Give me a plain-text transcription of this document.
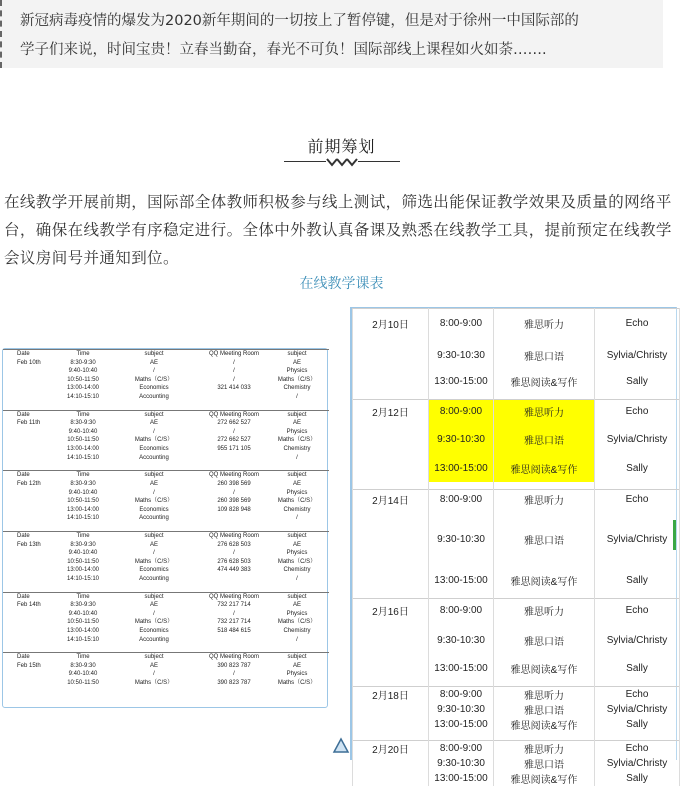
新冠病毒疫情的爆发为2020新年期间的一切按上了暂停键，但是对于徐州一中国际部的

学子们来说，时间宝贵！立春当勤奋，春光不可负！国际部线上课程如火如荼…….

前期筹划
在线教学开展前期，国际部全体教师积极参与线上测试，筛选出能保证教学效果及质量的网络平台，确保在线教学有序稳定进行。全体中外教认真备课及熟悉在线教学工具，提前预定在线教学会议房间号并通知到位。
在线教学课表
Date	Time	subject	QQ Meeting Room	subject
Feb 10th	8:30-9:30	AE	/	AE
	9:40-10:40	/	/	Physics
	10:50-11:50	Maths（C/S）	/	Maths（C/S）
	13:00-14:00	Economics	321 414 033	Chemistry
	14:10-15:10	Accounting		/

Date	Time	subject	QQ Meeting Room	subject
Feb 11th	8:30-9:30	AE	272 662 527	AE
	9:40-10:40	/	/	Physics
	10:50-11:50	Maths（C/S）	272 662 527	Maths（C/S）
	13:00-14:00	Economics	955 171 105	Chemistry
	14:10-15:10	Accounting		/

Date	Time	subject	QQ Meeting Room	subject
Feb 12th	8:30-9:30	AE	260 398 569	AE
	9:40-10:40	/	/	Physics
	10:50-11:50	Maths（C/S）	260 398 569	Maths（C/S）
	13:00-14:00	Economics	109 828 948	Chemistry
	14:10-15:10	Accounting		/

Date	Time	subject	QQ Meeting Room	subject
Feb 13th	8:30-9:30	AE	276 628 503	AE
	9:40-10:40	/	/	Physics
	10:50-11:50	Maths（C/S）	276 628 503	Maths（C/S）
	13:00-14:00	Economics	474 449 383	Chemistry
	14:10-15:10	Accounting		/

Date	Time	subject	QQ Meeting Room	subject
Feb 14th	8:30-9:30	AE	732 217 714	AE
	9:40-10:40	/	/	Physics
	10:50-11:50	Maths（C/S）	732 217 714	Maths（C/S）
	13:00-14:00	Economics	518 484 615	Chemistry
	14:10-15:10	Accounting		/

Date	Time	subject	QQ Meeting Room	subject
Feb 15th	8:30-9:30	AE	390 823 787	AE
	9:40-10:40	/	/	Physics
	10:50-11:50	Maths（C/S）	390 823 787	Maths（C/S）
2月10日	8:00-9:00	雅思听力	Echo
	9:30-10:30	雅思口语	Sylvia/Christy
	13:00-15:00	雅思阅读&写作	Sally

2月12日	8:00-9:00	雅思听力	Echo
	9:30-10:30	雅思口语	Sylvia/Christy
	13:00-15:00	雅思阅读&写作	Sally

2月14日	8:00-9:00	雅思听力	Echo
	9:30-10:30	雅思口语	Sylvia/Christy
	13:00-15:00	雅思阅读&写作	Sally

2月16日	8:00-9:00	雅思听力	Echo
	9:30-10:30	雅思口语	Sylvia/Christy
	13:00-15:00	雅思阅读&写作	Sally

2月18日	8:00-9:00	雅思听力	Echo
	9:30-10:30	雅思口语	Sylvia/Christy
	13:00-15:00	雅思阅读&写作	Sally

2月20日	8:00-9:00	雅思听力	Echo
	9:30-10:30	雅思口语	Sylvia/Christy
	13:00-15:00	雅思阅读&写作	Sally
